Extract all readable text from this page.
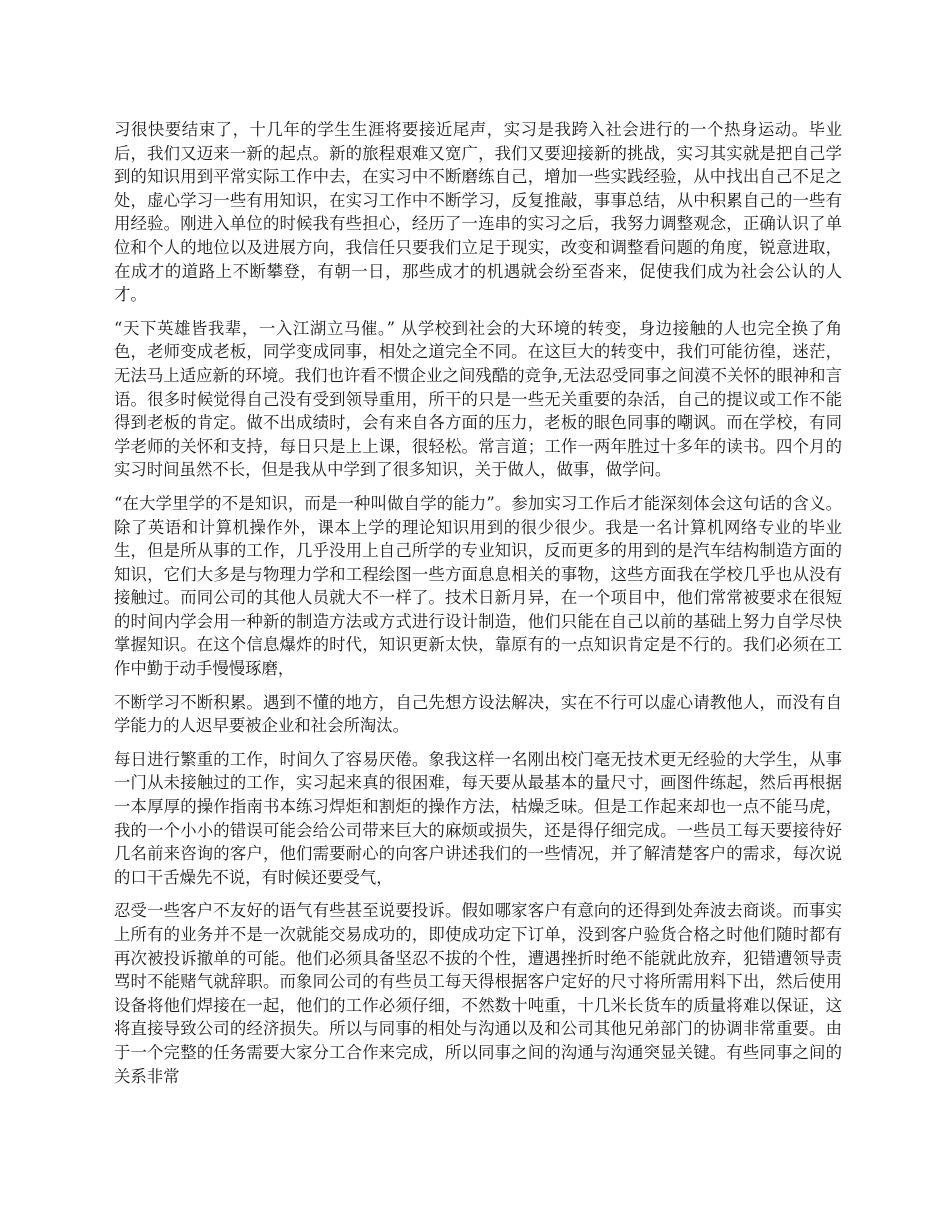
习很快要结束了，十几年的学生生涯将要接近尾声，实习是我跨入社会进行的一个热身运动。毕业后，我们又迈来一新的起点。新的旅程艰难又宽广，我们又要迎接新的挑战，实习其实就是把自己学到的知识用到平常实际工作中去，在实习中不断磨练自己，增加一些实践经验，从中找出自己不足之处，虚心学习一些有用知识，在实习工作中不断学习，反复推敲，事事总结，从中积累自己的一些有用经验。刚进入单位的时候我有些担心，经历了一连串的实习之后，我努力调整观念，正确认识了单位和个人的地位以及进展方向，我信任只要我们立足于现实，改变和调整看问题的角度，锐意进取，在成才的道路上不断攀登，有朝一日，那些成才的机遇就会纷至沓来，促使我们成为社会公认的人才。

“天下英雄皆我辈，一入江湖立马催。” 从学校到社会的大环境的转变，身边接触的人也完全换了角色，老师变成老板，同学变成同事，相处之道完全不同。在这巨大的转变中，我们可能彷徨，迷茫，无法马上适应新的环境。我们也许看不惯企业之间残酷的竞争,无法忍受同事之间漠不关怀的眼神和言语。很多时候觉得自己没有受到领导重用，所干的只是一些无关重要的杂活，自己的提议或工作不能得到老板的肯定。做不出成绩时，会有来自各方面的压力，老板的眼色同事的嘲讽。而在学校，有同学老师的关怀和支持，每日只是上上课，很轻松。常言道；工作一两年胜过十多年的读书。四个月的实习时间虽然不长，但是我从中学到了很多知识，关于做人，做事，做学问。

“在大学里学的不是知识，而是一种叫做自学的能力”。参加实习工作后才能深刻体会这句话的含义。除了英语和计算机操作外，课本上学的理论知识用到的很少很少。我是一名计算机网络专业的毕业生，但是所从事的工作，几乎没用上自己所学的专业知识，反而更多的用到的是汽车结构制造方面的知识，它们大多是与物理力学和工程绘图一些方面息息相关的事物，这些方面我在学校几乎也从没有接触过。而同公司的其他人员就大不一样了。技术日新月异，在一个项目中，他们常常被要求在很短的时间内学会用一种新的制造方法或方式进行设计制造，他们只能在自己以前的基础上努力自学尽快掌握知识。在这个信息爆炸的时代，知识更新太快，靠原有的一点知识肯定是不行的。我们必须在工作中勤于动手慢慢琢磨，

不断学习不断积累。遇到不懂的地方，自己先想方设法解决，实在不行可以虚心请教他人，而没有自学能力的人迟早要被企业和社会所淘汰。

每日进行繁重的工作，时间久了容易厌倦。象我这样一名刚出校门毫无技术更无经验的大学生，从事一门从未接触过的工作，实习起来真的很困难，每天要从最基本的量尺寸，画图件练起，然后再根据一本厚厚的操作指南书本练习焊炬和割炬的操作方法，枯燥乏味。但是工作起来却也一点不能马虎，我的一个小小的错误可能会给公司带来巨大的麻烦或损失，还是得仔细完成。一些员工每天要接待好几名前来咨询的客户，他们需要耐心的向客户讲述我们的一些情况，并了解清楚客户的需求，每次说的口干舌燥先不说，有时候还要受气，

忍受一些客户不友好的语气有些甚至说要投诉。假如哪家客户有意向的还得到处奔波去商谈。而事实上所有的业务并不是一次就能交易成功的，即使成功定下订单，没到客户验货合格之时他们随时都有再次被投诉撤单的可能。他们必须具备坚忍不拔的个性，遭遇挫折时绝不能就此放弃，犯错遭领导责骂时不能赌气就辞职。而象同公司的有些员工每天得根据客户定好的尺寸将所需用料下出，然后使用设备将他们焊接在一起，他们的工作必须仔细，不然数十吨重，十几米长货车的质量将难以保证，这将直接导致公司的经济损失。所以与同事的相处与沟通以及和公司其他兄弟部门的协调非常重要。由于一个完整的任务需要大家分工合作来完成，所以同事之间的沟通与沟通突显关键。有些同事之间的关系非常
